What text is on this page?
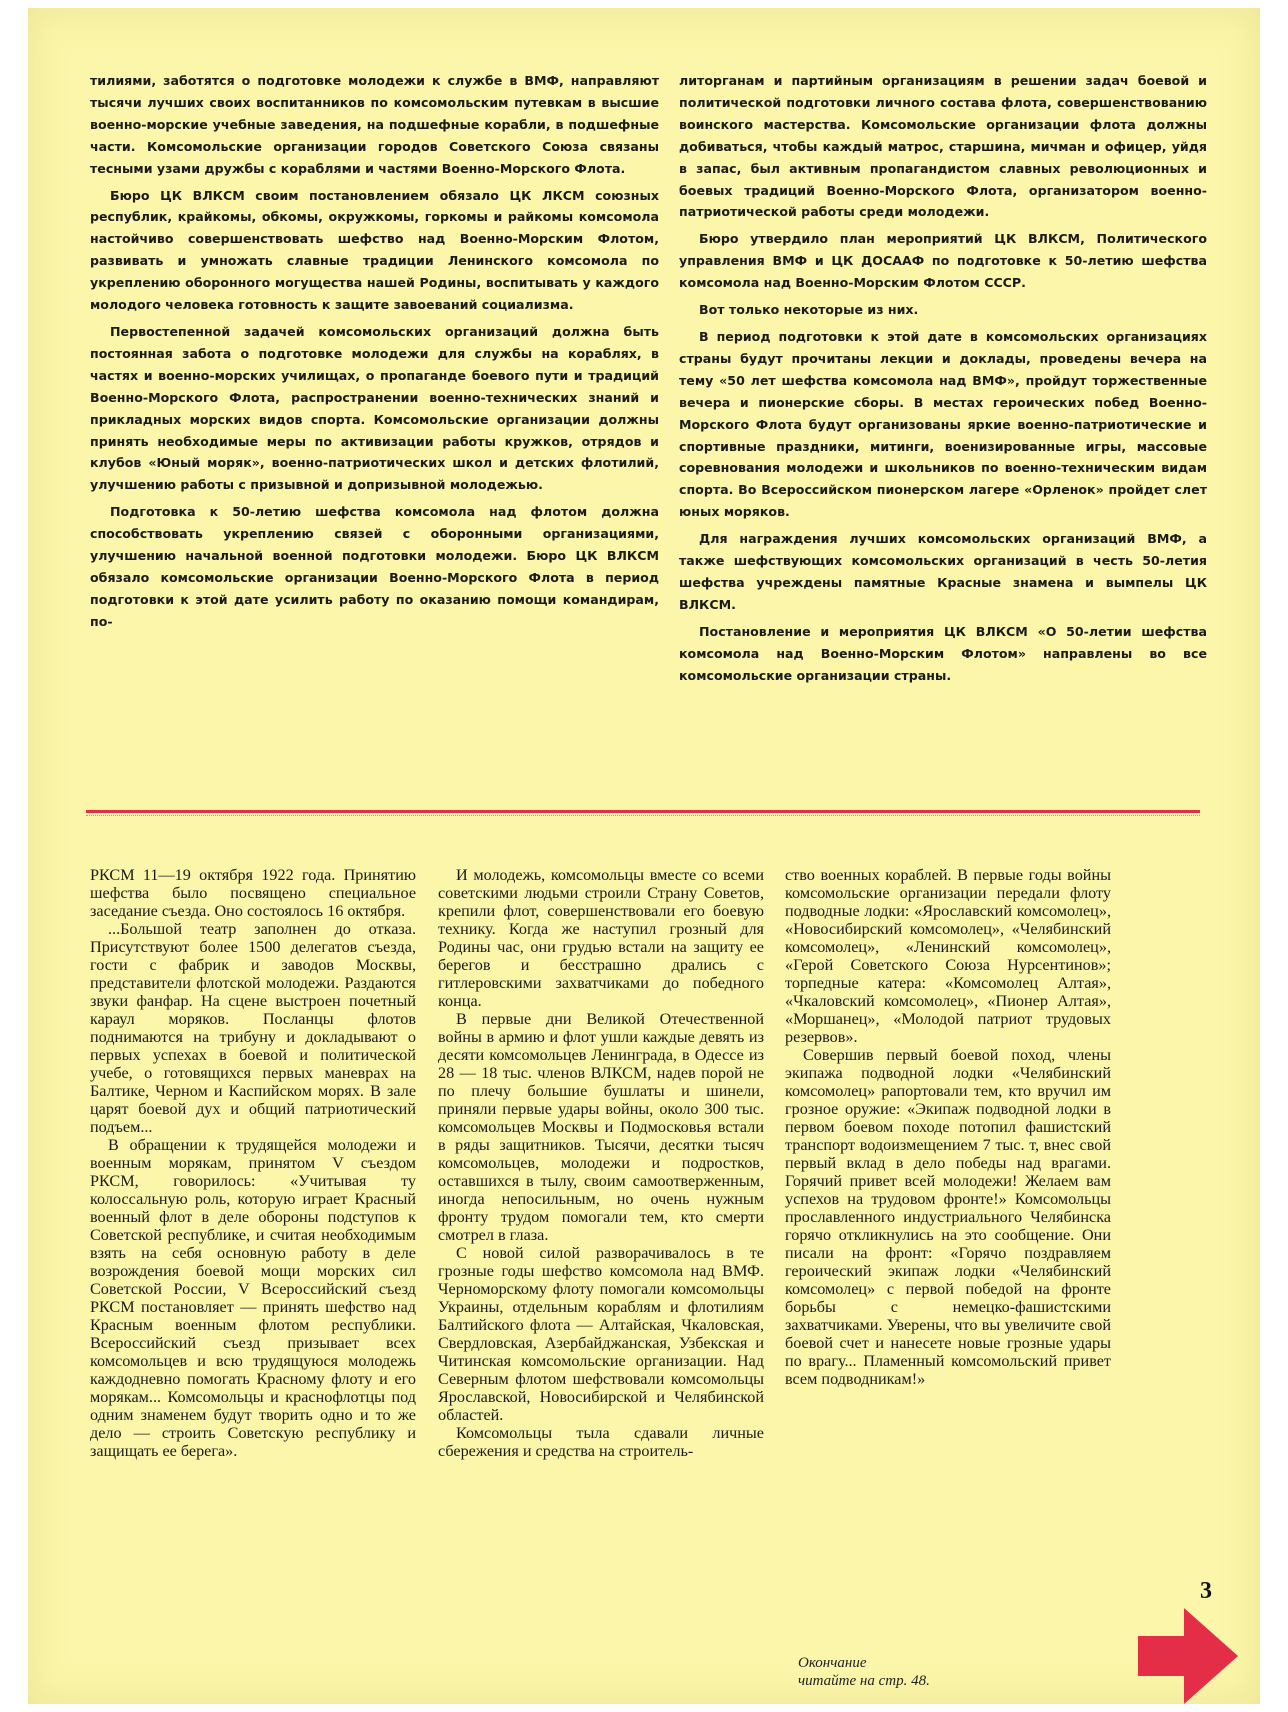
тилиями, заботятся о подготовке молодежи к службе в ВМФ, направляют тысячи лучших своих воспитанников по комсомольским путевкам в высшие военно-морские учебные заведения, на подшефные корабли, в подшефные части. Комсомольские организации городов Советского Союза связаны тесными узами дружбы с кораблями и частями Военно-Морского Флота.

Бюро ЦК ВЛКСМ своим постановлением обязало ЦК ЛКСМ союзных республик, крайкомы, обкомы, окружкомы, горкомы и райкомы комсомола настойчиво совершенствовать шефство над Военно-Морским Флотом, развивать и умножать славные традиции Ленинского комсомола по укреплению оборонного могущества нашей Родины, воспитывать у каждого молодого человека готовность к защите завоеваний социализма.

Первостепенной задачей комсомольских организаций должна быть постоянная забота о подготовке молодежи для службы на кораблях, в частях и военно-морских училищах, о пропаганде боевого пути и традиций Военно-Морского Флота, распространении военно-технических знаний и прикладных морских видов спорта. Комсомольские организации должны принять необходимые меры по активизации работы кружков, отрядов и клубов «Юный моряк», военно-патриотических школ и детских флотилий, улучшению работы с призывной и допризывной молодежью.

Подготовка к 50-летию шефства комсомола над флотом должна способствовать укреплению связей с оборонными организациями, улучшению начальной военной подготовки молодежи. Бюро ЦК ВЛКСМ обязало комсомольские организации Военно-Морского Флота в период подготовки к этой дате усилить работу по оказанию помощи командирам, по-

литорганам и партийным организациям в решении задач боевой и политической подготовки личного состава флота, совершенствованию воинского мастерства. Комсомольские организации флота должны добиваться, чтобы каждый матрос, старшина, мичман и офицер, уйдя в запас, был активным пропагандистом славных революционных и боевых традиций Военно-Морского Флота, организатором военно-патриотической работы среди молодежи.

Бюро утвердило план мероприятий ЦК ВЛКСМ, Политического управления ВМФ и ЦК ДОСААФ по подготовке к 50-летию шефства комсомола над Военно-Морским Флотом СССР.

Вот только некоторые из них.

В период подготовки к этой дате в комсомольских организациях страны будут прочитаны лекции и доклады, проведены вечера на тему «50 лет шефства комсомола над ВМФ», пройдут торжественные вечера и пионерские сборы. В местах героических побед Военно-Морского Флота будут организованы яркие военно-патриотические и спортивные праздники, митинги, военизированные игры, массовые соревнования молодежи и школьников по военно-техническим видам спорта. Во Всероссийском пионерском лагере «Орленок» пройдет слет юных моряков.

Для награждения лучших комсомольских организаций ВМФ, а также шефствующих комсомольских организаций в честь 50-летия шефства учреждены памятные Красные знамена и вымпелы ЦК ВЛКСМ.

Постановление и мероприятия ЦК ВЛКСМ «О 50-летии шефства комсомола над Военно-Морским Флотом» направлены во все комсомольские организации страны.

РКСМ 11—19 октября 1922 года. Принятию шефства было посвящено специальное заседание съезда. Оно состоялось 16 октября.

...Большой театр заполнен до отказа. Присутствуют более 1500 делегатов съезда, гости с фабрик и заводов Москвы, представители флотской молодежи. Раздаются звуки фанфар. На сцене выстроен почетный караул моряков. Посланцы флотов поднимаются на трибуну и докладывают о первых успехах в боевой и политической учебе, о готовящихся первых маневрах на Балтике, Черном и Каспийском морях. В зале царят боевой дух и общий патриотический подъем...

В обращении к трудящейся молодежи и военным морякам, принятом V съездом РКСМ, говорилось: «Учитывая ту колоссальную роль, которую играет Красный военный флот в деле обороны подступов к Советской республике, и считая необходимым взять на себя основную работу в деле возрождения боевой мощи морских сил Советской России, V Всероссийский съезд РКСМ постановляет — принять шефство над Красным военным флотом республики. Всероссийский съезд призывает всех комсомольцев и всю трудящуюся молодежь каждодневно помогать Красному флоту и его морякам... Комсомольцы и краснофлотцы под одним знаменем будут творить одно и то же дело — строить Советскую республику и защищать ее берега».

И молодежь, комсомольцы вместе со всеми советскими людьми строили Страну Советов, крепили флот, совершенствовали его боевую технику. Когда же наступил грозный для Родины час, они грудью встали на защиту ее берегов и бесстрашно дрались с гитлеровскими захватчиками до победного конца.

В первые дни Великой Отечественной войны в армию и флот ушли каждые девять из десяти комсомольцев Ленинграда, в Одессе из 28 — 18 тыс. членов ВЛКСМ, надев порой не по плечу большие бушлаты и шинели, приняли первые удары войны, около 300 тыс. комсомольцев Москвы и Подмосковья встали в ряды защитников. Тысячи, десятки тысяч комсомольцев, молодежи и подростков, оставшихся в тылу, своим самоотверженным, иногда непосильным, но очень нужным фронту трудом помогали тем, кто смерти смотрел в глаза.

С новой силой разворачивалось в те грозные годы шефство комсомола над ВМФ. Черноморскому флоту помогали комсомольцы Украины, отдельным кораблям и флотилиям Балтийского флота — Алтайская, Чкаловская, Свердловская, Азербайджанская, Узбекская и Читинская комсомольские организации. Над Северным флотом шефствовали комсомольцы Ярославской, Новосибирской и Челябинской областей.

Комсомольцы тыла сдавали личные сбережения и средства на строитель-

ство военных кораблей. В первые годы войны комсомольские организации передали флоту подводные лодки: «Ярославский комсомолец», «Новосибирский комсомолец», «Челябинский комсомолец», «Ленинский комсомолец», «Герой Советского Союза Нурсентинов»; торпедные катера: «Комсомолец Алтая», «Чкаловский комсомолец», «Пионер Алтая», «Моршанец», «Молодой патриот трудовых резервов».

Совершив первый боевой поход, члены экипажа подводной лодки «Челябинский комсомолец» рапортовали тем, кто вручил им грозное оружие: «Экипаж подводной лодки в первом боевом походе потопил фашистский транспорт водоизмещением 7 тыс. т, внес свой первый вклад в дело победы над врагами. Горячий привет всей молодежи! Желаем вам успехов на трудовом фронте!» Комсомольцы прославленного индустриального Челябинска горячо откликнулись на это сообщение. Они писали на фронт: «Горячо поздравляем героический экипаж лодки «Челябинский комсомолец» с первой победой на фронте борьбы с немецко-фашистскими захватчиками. Уверены, что вы увеличите свой боевой счет и нанесете новые грозные удары по врагу... Пламенный комсомольский привет всем подводникам!»

Окончание
читайте на стр. 48.
3
